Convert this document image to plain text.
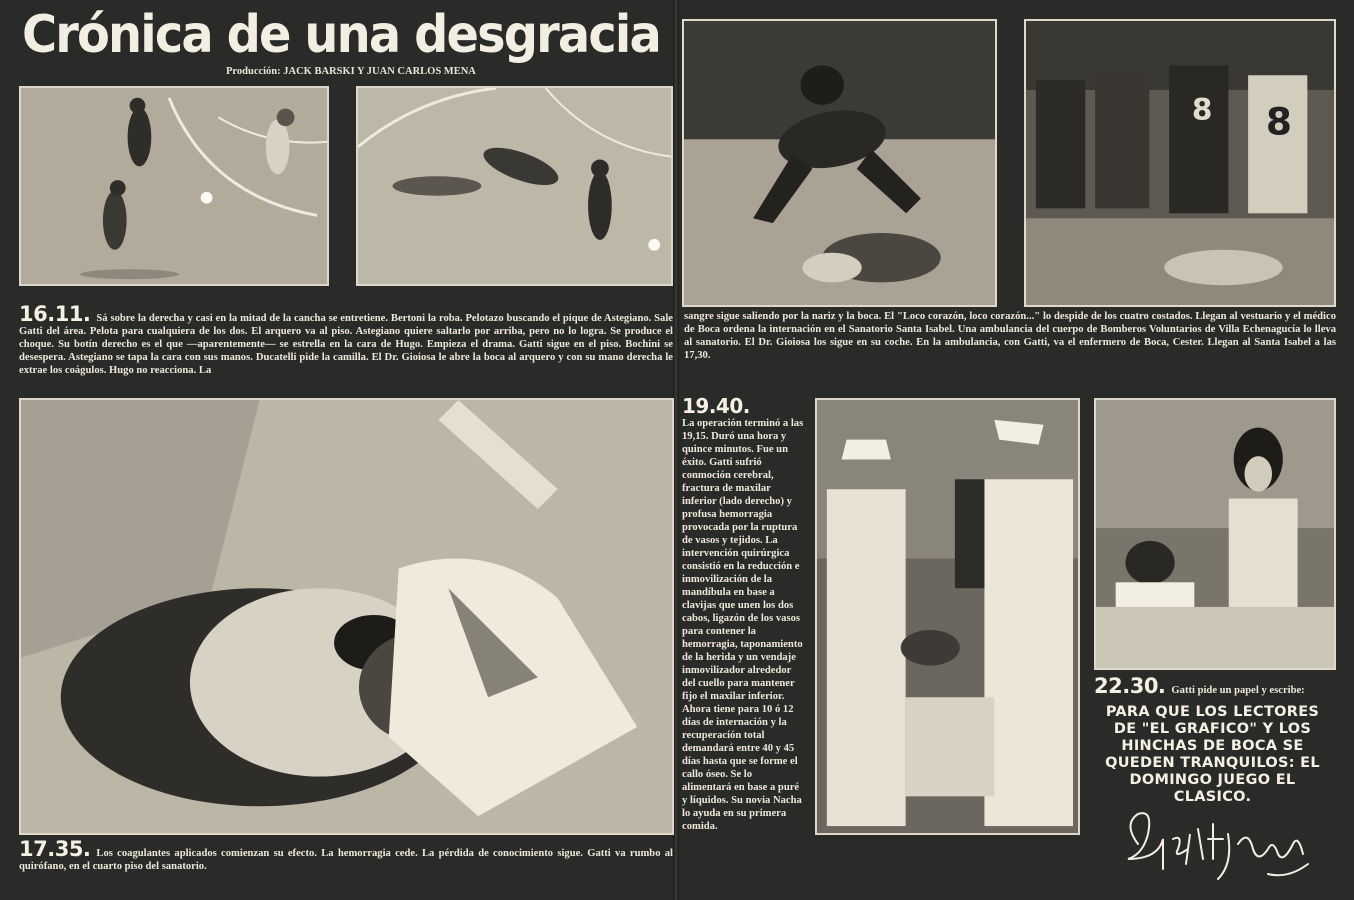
Crónica de una desgracia
Producción: JACK BARSKI Y JUAN CARLOS MENA
8
8

16.11. Sá sobre la derecha y casi en la mitad de la cancha se entretiene. Bertoni la roba. Pelotazo buscando el pique de Astegiano. Sale Gatti del área. Pelota para cualquiera de los dos. El arquero va al piso. Astegiano quiere saltarlo por arriba, pero no lo logra. Se produce el choque. Su botín derecho es el que —aparentemente— se estrella en la cara de Hugo. Empieza el drama. Gatti sigue en el piso. Bochini se desespera. Astegiano se tapa la cara con sus manos. Ducatelli pide la camilla. El Dr. Gioiosa le abre la boca al arquero y con su mano derecha le extrae los coágulos. Hugo no reacciona. La

sangre sigue saliendo por la nariz y la boca. El "Loco corazón, loco corazón..." lo despide de los cuatro costados. Llegan al vestuario y el médico de Boca ordena la internación en el Sanatorio Santa Isabel. Una ambulancia del cuerpo de Bomberos Voluntarios de Villa Echenagucía lo lleva al sanatorio. El Dr. Gioiosa los sigue en su coche. En la ambulancia, con Gatti, va el enfermero de Boca, Cester. Llegan al Santa Isabel a las 17,30.

17.35. Los coagulantes aplicados comienzan su efecto. La hemorragia cede. La pérdida de conocimiento sigue. Gatti va rumbo al quirófano, en el cuarto piso del sanatorio.

19.40.
La operación terminó a las 19,15. Duró una hora y quince minutos. Fue un éxito. Gatti sufrió conmoción cerebral, fractura de maxilar inferior (lado derecho) y profusa hemorragia provocada por la ruptura de vasos y tejidos. La intervención quirúrgica consistió en la reducción e inmovilización de la mandíbula en base a clavijas que unen los dos cabos, ligazón de los vasos para contener la hemorragia, taponamiento de la herida y un vendaje inmovilizador alrededor del cuello para mantener fijo el maxilar inferior. Ahora tiene para 10 ó 12 días de internación y la recuperación total demandará entre 40 y 45 días hasta que se forme el callo óseo. Se lo alimentará en base a puré y líquidos. Su novia Nacha lo ayuda en su primera comida.

22.30. Gatti pide un papel y escribe:

PARA QUE LOS LECTORES DE "EL GRAFICO" Y LOS HINCHAS DE BOCA SE QUEDEN TRANQUILOS: EL DOMINGO JUEGO EL CLASICO.
